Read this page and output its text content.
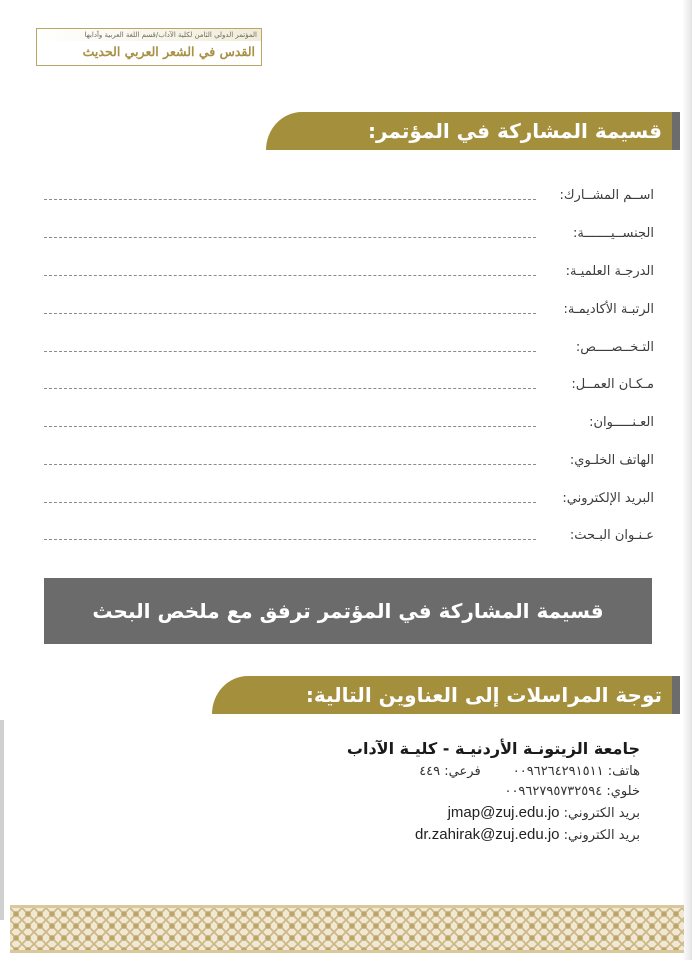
المؤتمر الدولي الثامن لكلية الآداب/قسم اللغة العربية وآدابها
القدس في الشعر العربي الحديث
قسيمة المشاركة في المؤتمر:
اســم المشــارك:
الجنســيـــــــة:
الدرجـة العلميـة:
الرتبـة الأكاديمـة:
التـخــصــــص:
مـكـان العمــل:
العـنـــــوان:
الهاتف الخلـوي:
البريد الإلكتروني:
عـنـوان البـحث:
قسيمة المشاركة في المؤتمر ترفق مع ملخص البحث
توجة المراسلات إلى العناوين التالية:
جامعة الزيتونـة الأردنيـة - كليـة الآداب
هاتف: ٠٠٩٦٢٦٤٢٩١٥١١ فرعي: ٤٤٩
خلوي: ٠٠٩٦٢٧٩٥٧٣٢٥٩٤
بريد الكتروني: jmap@zuj.edu.jo
بريد الكتروني: dr.zahirak@zuj.edu.jo
